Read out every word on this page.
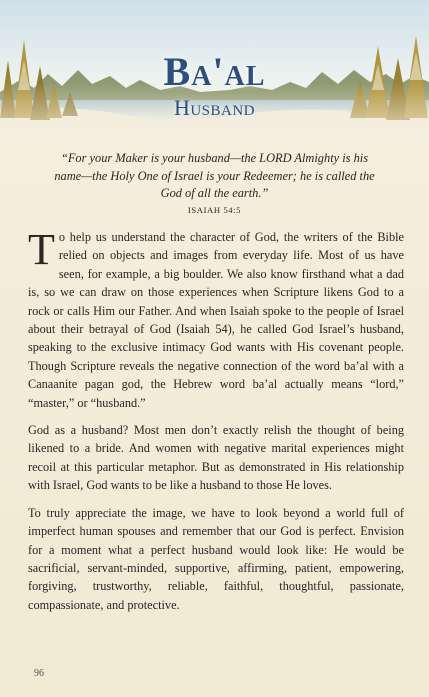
Ba'al
Husband
“For your Maker is your husband—the LORD Almighty is his name—the Holy One of Israel is your Redeemer; he is called the God of all the earth.”
ISAIAH 54:5

To help us understand the character of God, the writers of the Bible relied on objects and images from everyday life. Most of us have seen, for example, a big boulder. We also know firsthand what a dad is, so we can draw on those experiences when Scripture likens God to a rock or calls Him our Father. And when Isaiah spoke to the people of Israel about their betrayal of God (Isaiah 54), he called God Israel’s husband, speaking to the exclusive intimacy God wants with His covenant people. Though Scripture reveals the negative connection of the word ba’al with a Canaanite pagan god, the Hebrew word ba’al actually means “lord,” “master,” or “husband.”

God as a husband? Most men don’t exactly relish the thought of being likened to a bride. And women with negative marital experiences might recoil at this particular metaphor. But as demonstrated in His relationship with Israel, God wants to be like a husband to those He loves.

To truly appreciate the image, we have to look beyond a world full of imperfect human spouses and remember that our God is perfect. Envision for a moment what a perfect husband would look like: He would be sacrificial, servant-minded, supportive, affirming, patient, empowering, forgiving, trustworthy, reliable, faithful, thoughtful, passionate, compassionate, and protective.

96
